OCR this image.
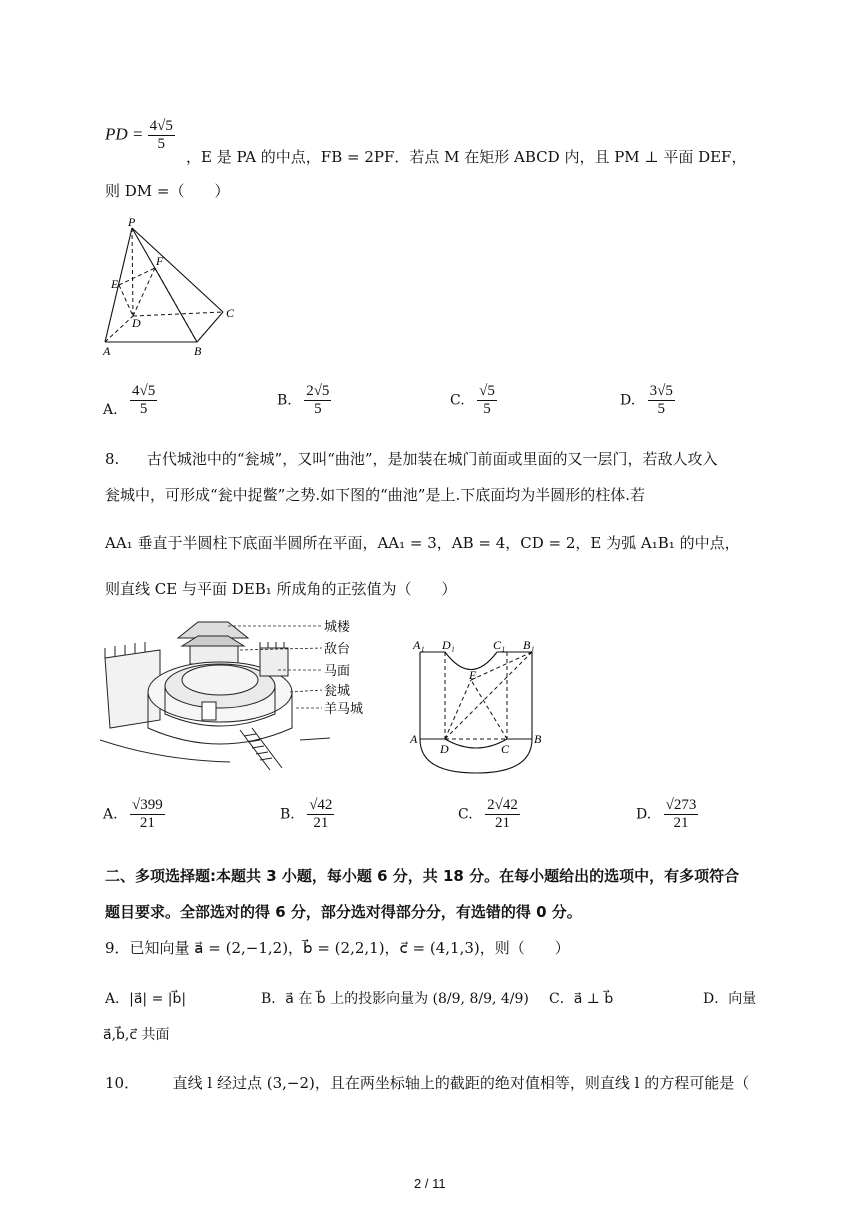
PD = $\frac{4√5}{5}$
，E 是 PA 的中点，FB = 2PF．若点 M 在矩形 ABCD 内，且 PM ⊥ 平面 DEF，
则 DM =（　　）
P
E
F
D
C
A	B
A. $\frac{4√5}{5}$	B. $\frac{2√5}{5}$	C. $\frac{√5}{5}$	D. $\frac{3√5}{5}$
8. 古代城池中的“瓮城”，又叫“曲池”，是加装在城门前面或里面的又一层门，若敌人攻入
瓮城中，可形成“瓮中捉鳖”之势.如下图的“曲池”是上.下底面均为半圆形的柱体.若
AA₁ 垂直于半圆柱下底面半圆所在平面，AA₁ = 3，AB = 4，CD = 2，E 为弧 A₁B₁ 的中点，
则直线 CE 与平面 DEB₁ 所成角的正弦值为（　　）
城楼
敌台
马面
瓮城
羊马城
A₁ D₁	C₁ B₁
E
A
D	C
B
A. $\frac{√399}{21}$	B. $\frac{√42}{21}$	C. $\frac{2√42}{21}$	D. $\frac{√273}{21}$
二、多项选择题:本题共 3 小题，每小题 6 分，共 18 分。在每小题给出的选项中，有多项符合
题目要求。全部选对的得 6 分，部分选对得部分分，有选错的得 0 分。
9．已知向量 a⃗ = (2,−1,2)，b⃗ = (2,2,1)，c⃗ = (4,1,3)，则（　　）
A．|a⃗| = |b⃗|	B．a⃗ 在 b⃗ 上的投影向量为 (8/9, 8/9, 4/9) C．a⃗ ⊥ b⃗	D．向量
a⃗,b⃗,c⃗ 共面
10． 直线 l 经过点 (3,−2)，且在两坐标轴上的截距的绝对值相等，则直线 l 的方程可能是（
2 / 11
